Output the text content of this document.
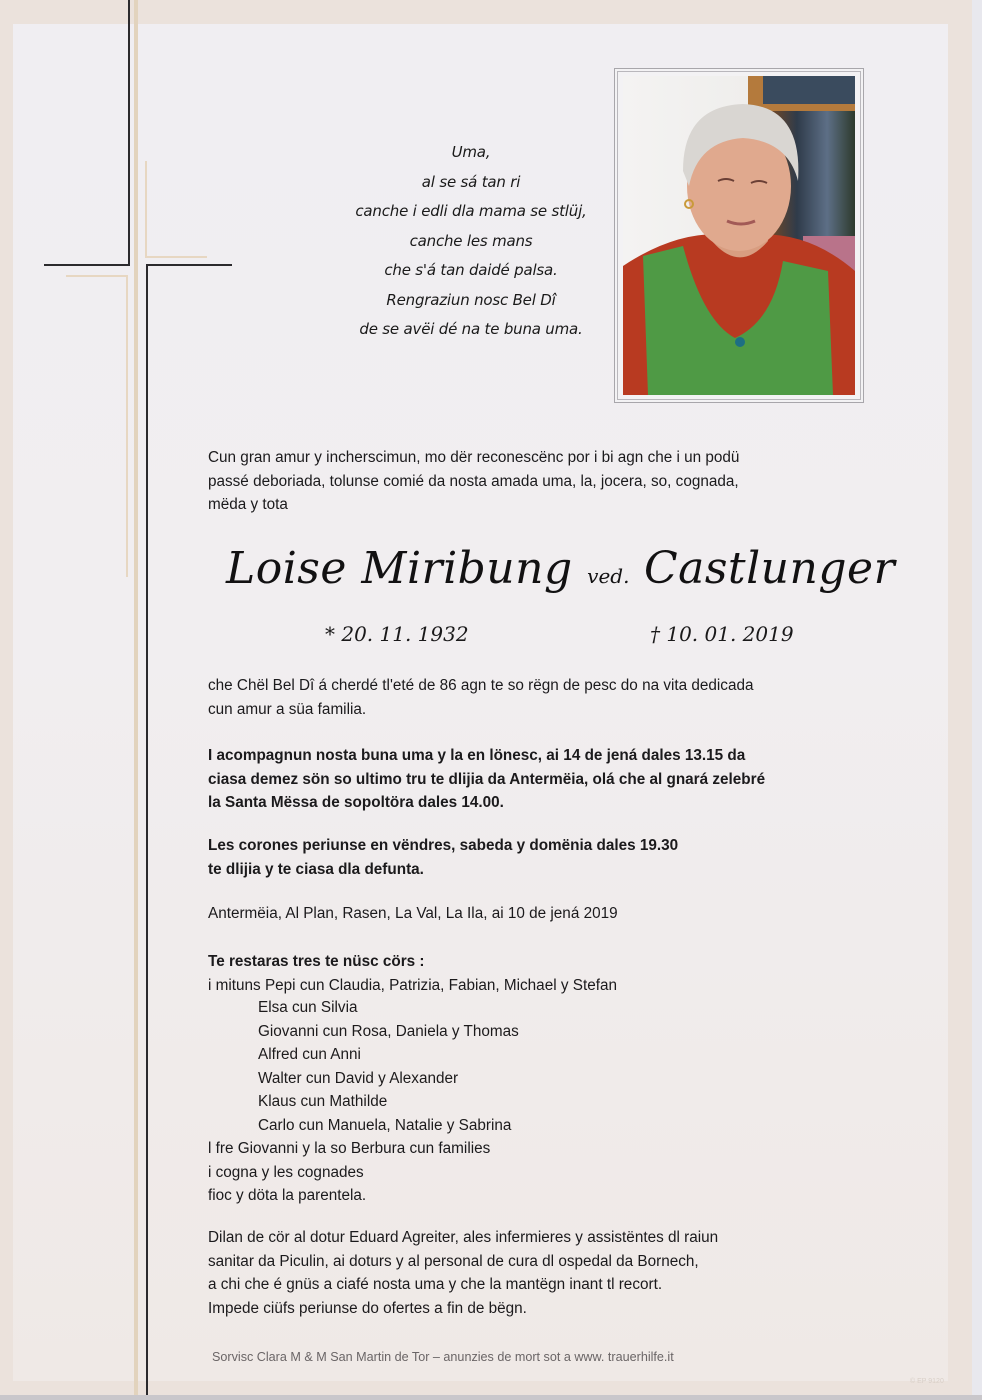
Uma,
al se sá tan ri
canche i edli dla mama se stlüj,
canche les mans
che s'á tan daidé palsa.
Rengraziun nosc Bel Dî
de se avëi dé na te buna uma.
Cun gran amur y incherscimun, mo dër reconescënc por i bi agn che i un podü
passé deboriada, tolunse comié da nosta amada uma, la, jocera, so, cognada,
mëda y tota
Loise Miribung ved. Castlunger
* 20. 11. 1932	† 10. 01. 2019
che Chël Bel Dî á cherdé tl'eté de 86 agn te so rëgn de pesc do na vita dedicada
cun amur a süa familia.
I acompagnun nosta buna uma y la en lönesc, ai 14 de jená dales 13.15 da
ciasa demez sön so ultimo tru te dlijia da Antermëia, olá che al gnará zelebré
la Santa Mëssa de sopoltöra dales 14.00.
Les corones periunse en vëndres, sabeda y domënia dales 19.30
te dlijia y te ciasa dla defunta.
Antermëia, Al Plan, Rasen, La Val, La Ila, ai 10 de jená 2019
Te restaras tres te nüsc cörs :
i mituns Pepi cun Claudia, Patrizia, Fabian, Michael y Stefan
Elsa cun Silvia
Giovanni cun Rosa, Daniela y Thomas
Alfred cun Anni
Walter cun David y Alexander
Klaus cun Mathilde
Carlo cun Manuela, Natalie y Sabrina
l fre Giovanni y la so Berbura cun families
i cogna y les cognades
fioc y döta la parentela.
Dilan de cör al dotur Eduard Agreiter, ales infermieres y assistëntes dl raiun
sanitar da Piculin, ai doturs y al personal de cura dl ospedal da Bornech,
a chi che é gnüs a ciafé nosta uma y che la mantëgn inant tl recort.
Impede ciüfs periunse do ofertes a fin de bëgn.
Sorvisc Clara M & M San Martin de Tor – anunzies de mort sot a www. trauerhilfe.it
© EP 9120
